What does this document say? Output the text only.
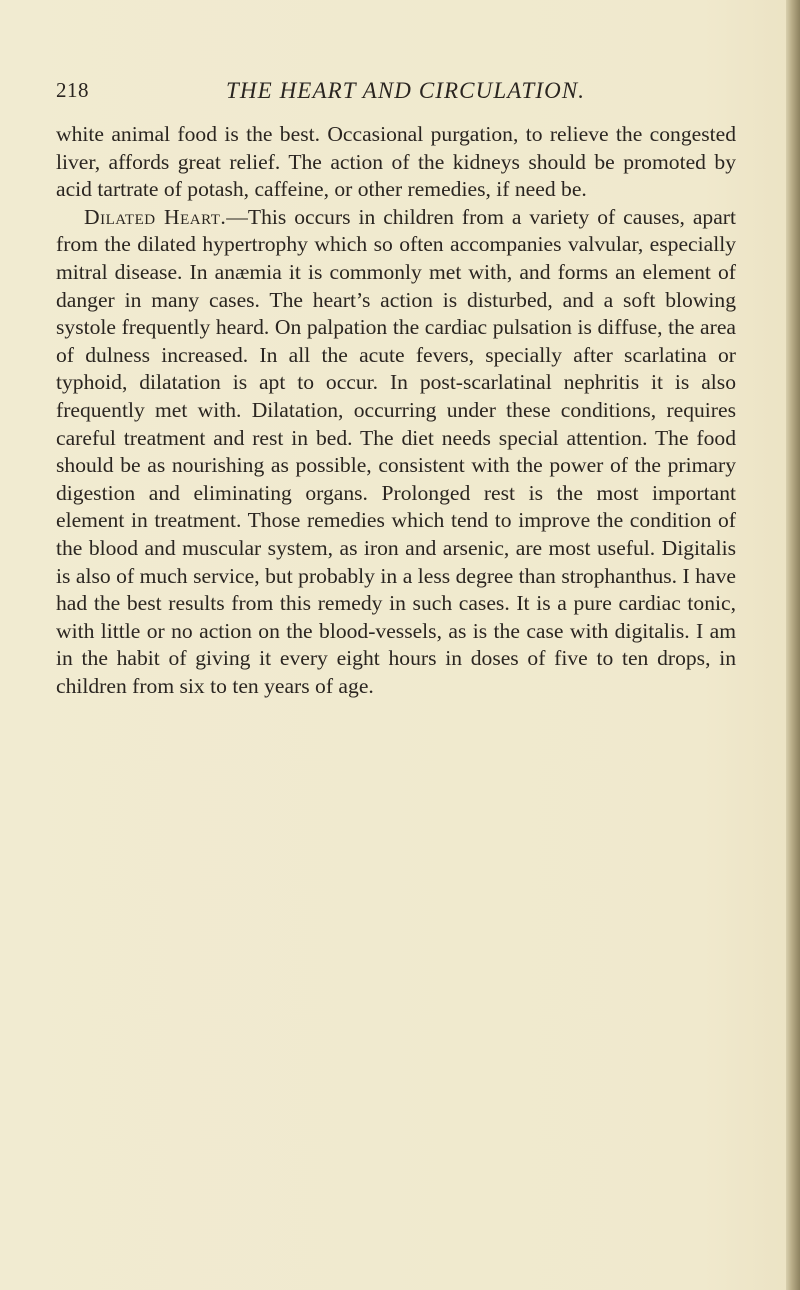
218	THE HEART AND CIRCULATION.

white animal food is the best. Occasional purgation, to relieve the congested liver, affords great relief. The action of the kidneys should be promoted by acid tartrate of potash, caffeine, or other remedies, if need be.

Dilated Heart.—This occurs in children from a variety of causes, apart from the dilated hypertrophy which so often accompanies valvular, especially mitral disease. In anæmia it is commonly met with, and forms an element of danger in many cases. The heart’s action is disturbed, and a soft blowing systole frequently heard. On palpation the cardiac pulsation is diffuse, the area of dulness increased. In all the acute fevers, specially after scarlatina or typhoid, dilatation is apt to occur. In post-scarlatinal nephritis it is also frequently met with. Dilatation, occurring under these conditions, requires careful treatment and rest in bed. The diet needs special attention. The food should be as nourishing as possible, consistent with the power of the primary digestion and eliminating organs. Prolonged rest is the most important element in treatment. Those remedies which tend to improve the condition of the blood and muscular system, as iron and arsenic, are most useful. Digitalis is also of much service, but probably in a less degree than strophanthus. I have had the best results from this remedy in such cases. It is a pure cardiac tonic, with little or no action on the blood-vessels, as is the case with digitalis. I am in the habit of giving it every eight hours in doses of five to ten drops, in children from six to ten years of age.
